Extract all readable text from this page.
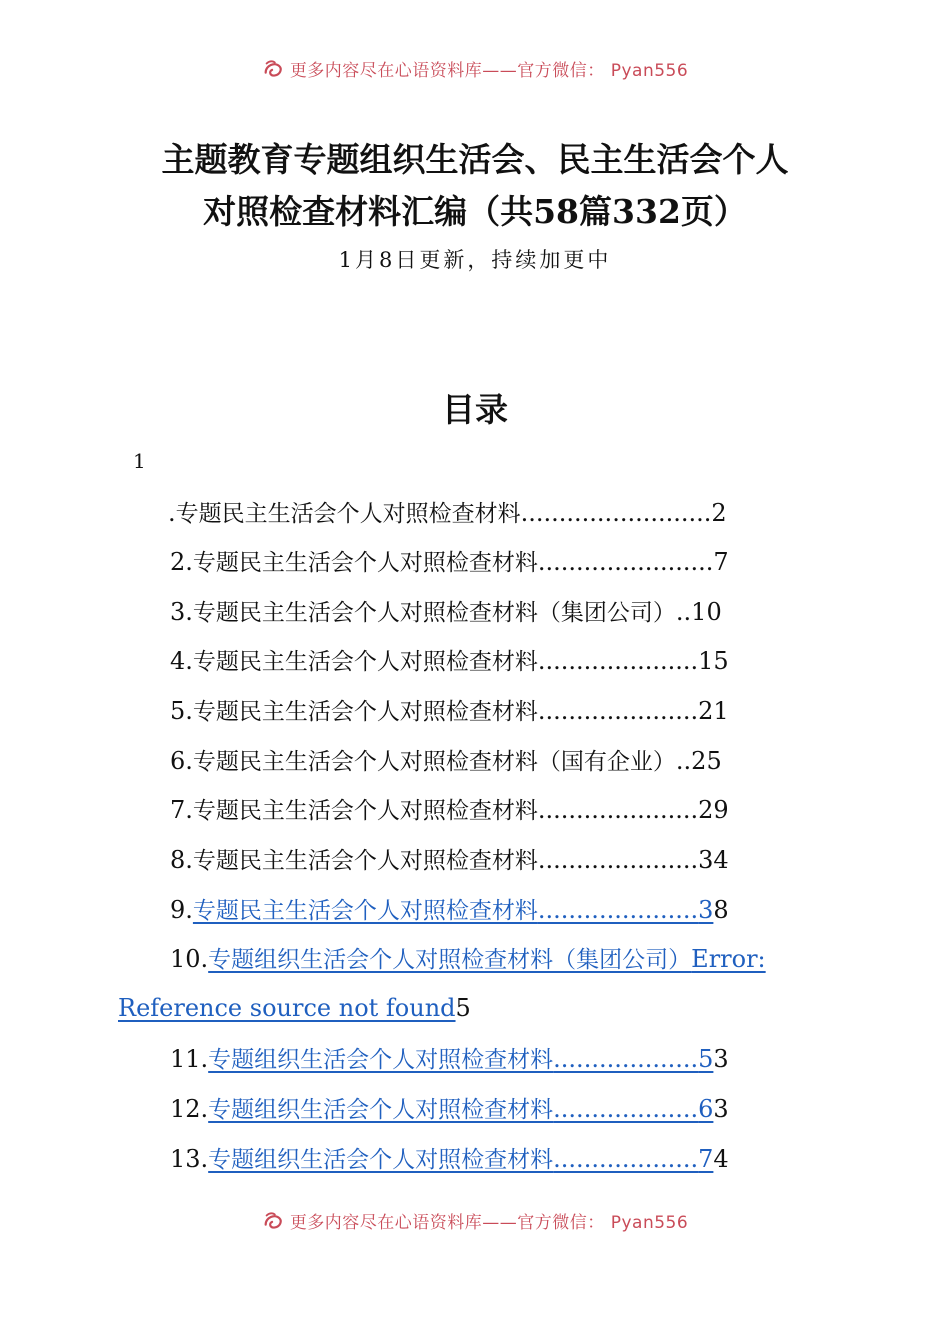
更多内容尽在心语资料库——官方微信： Pyan556
主题教育专题组织生活会、民主生活会个人
对照检查材料汇编（共58篇332页）
1月8日更新，持续加更中
目录
1
.专题民主生活会个人对照检查材料.........................2
2.专题民主生活会个人对照检查材料.......................7
3.专题民主生活会个人对照检查材料（集团公司）..10
4.专题民主生活会个人对照检查材料.....................15
5.专题民主生活会个人对照检查材料.....................21
6.专题民主生活会个人对照检查材料（国有企业）..25
7.专题民主生活会个人对照检查材料.....................29
8.专题民主生活会个人对照检查材料.....................34
9.专题民主生活会个人对照检查材料.....................38
10.专题组织生活会个人对照检查材料（集团公司）Error:
Reference source not found5
11.专题组织生活会个人对照检查材料...................53
12.专题组织生活会个人对照检查材料...................63
13.专题组织生活会个人对照检查材料...................74
更多内容尽在心语资料库——官方微信： Pyan556
